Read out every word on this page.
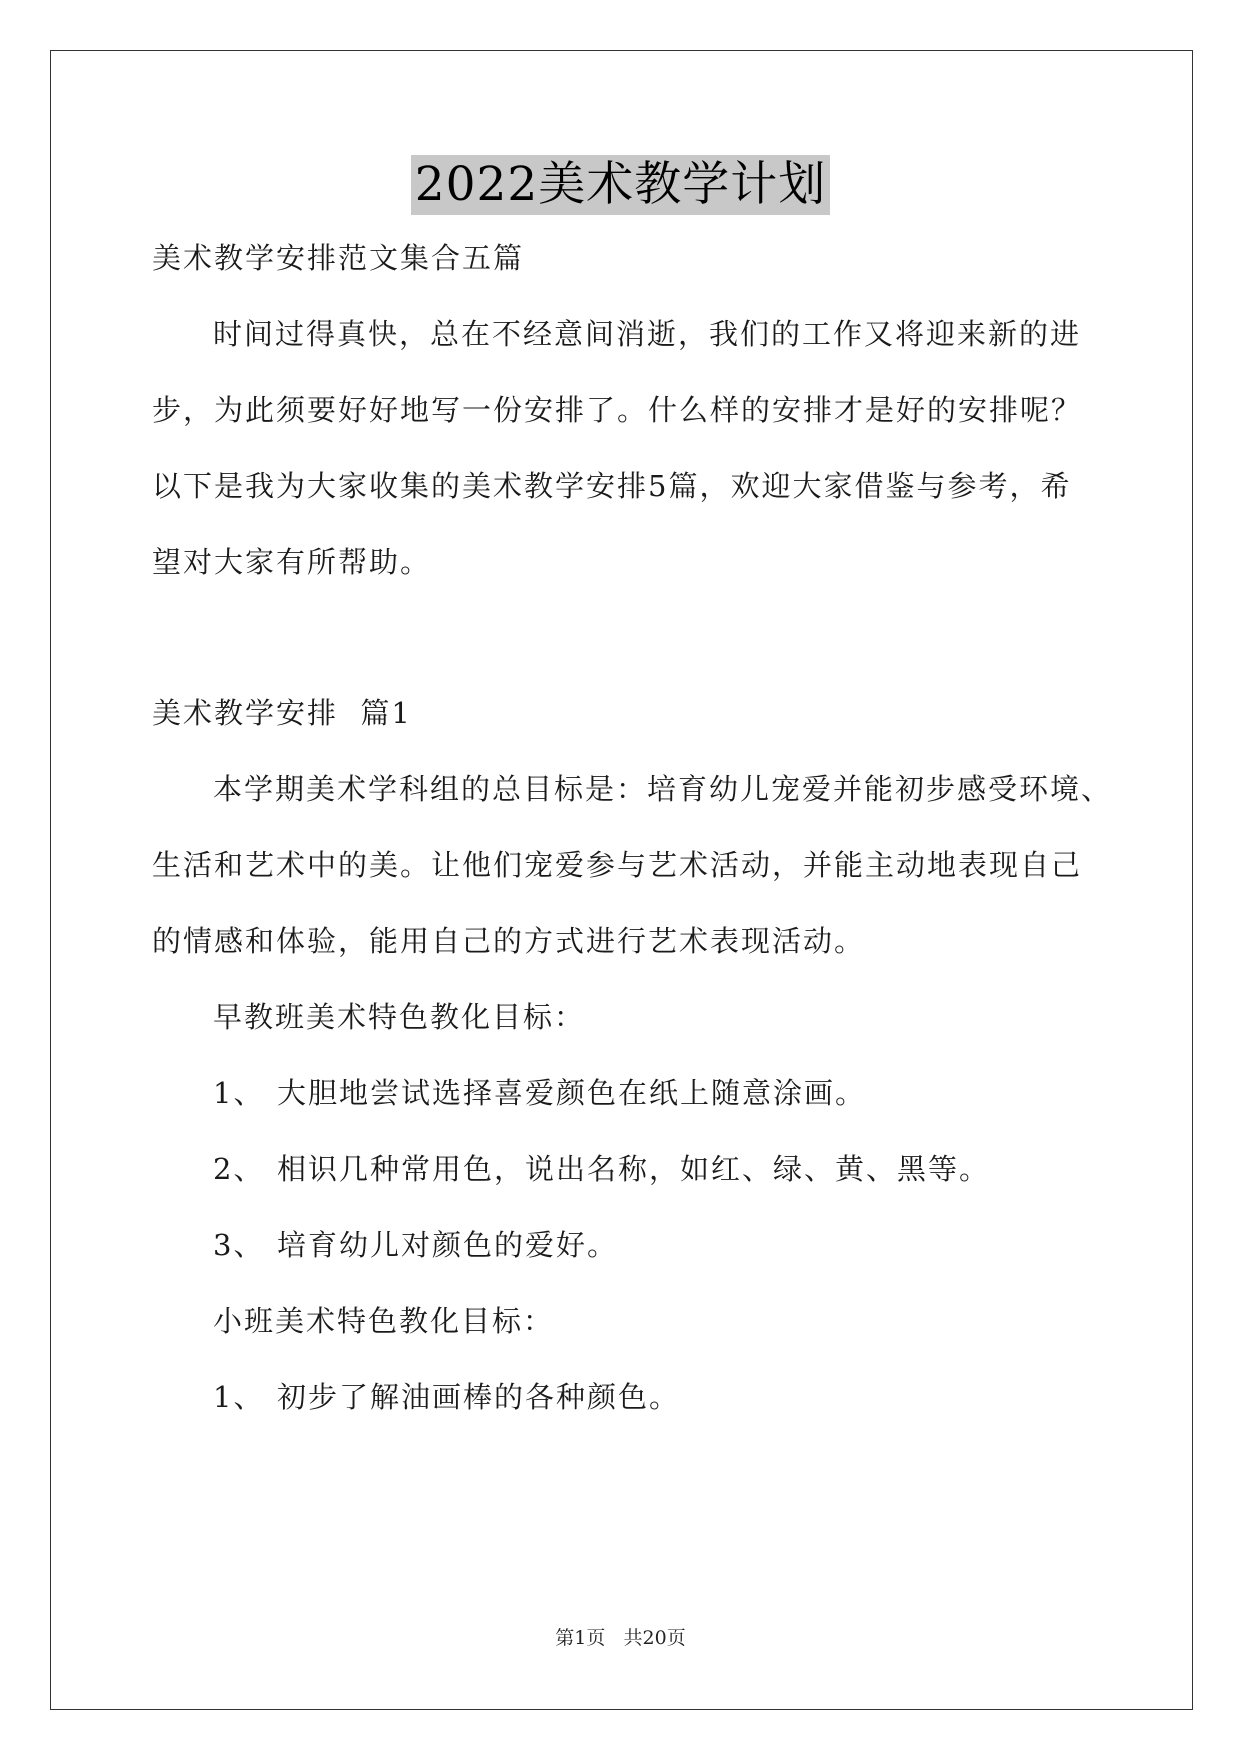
2022美术教学计划
美术教学安排范文集合五篇
时间过得真快，总在不经意间消逝，我们的工作又将迎来新的进
步，为此须要好好地写一份安排了。什么样的安排才是好的安排呢？
以下是我为大家收集的美术教学安排5篇，欢迎大家借鉴与参考，希
望对大家有所帮助。
美术教学安排  篇1
本学期美术学科组的总目标是：培育幼儿宠爱并能初步感受环境、
生活和艺术中的美。让他们宠爱参与艺术活动，并能主动地表现自己
的情感和体验，能用自己的方式进行艺术表现活动。
早教班美术特色教化目标：
1、 大胆地尝试选择喜爱颜色在纸上随意涂画。
2、 相识几种常用色，说出名称，如红、绿、黄、黑等。
3、 培育幼儿对颜色的爱好。
小班美术特色教化目标：
1、 初步了解油画棒的各种颜色。
第1页 共20页
